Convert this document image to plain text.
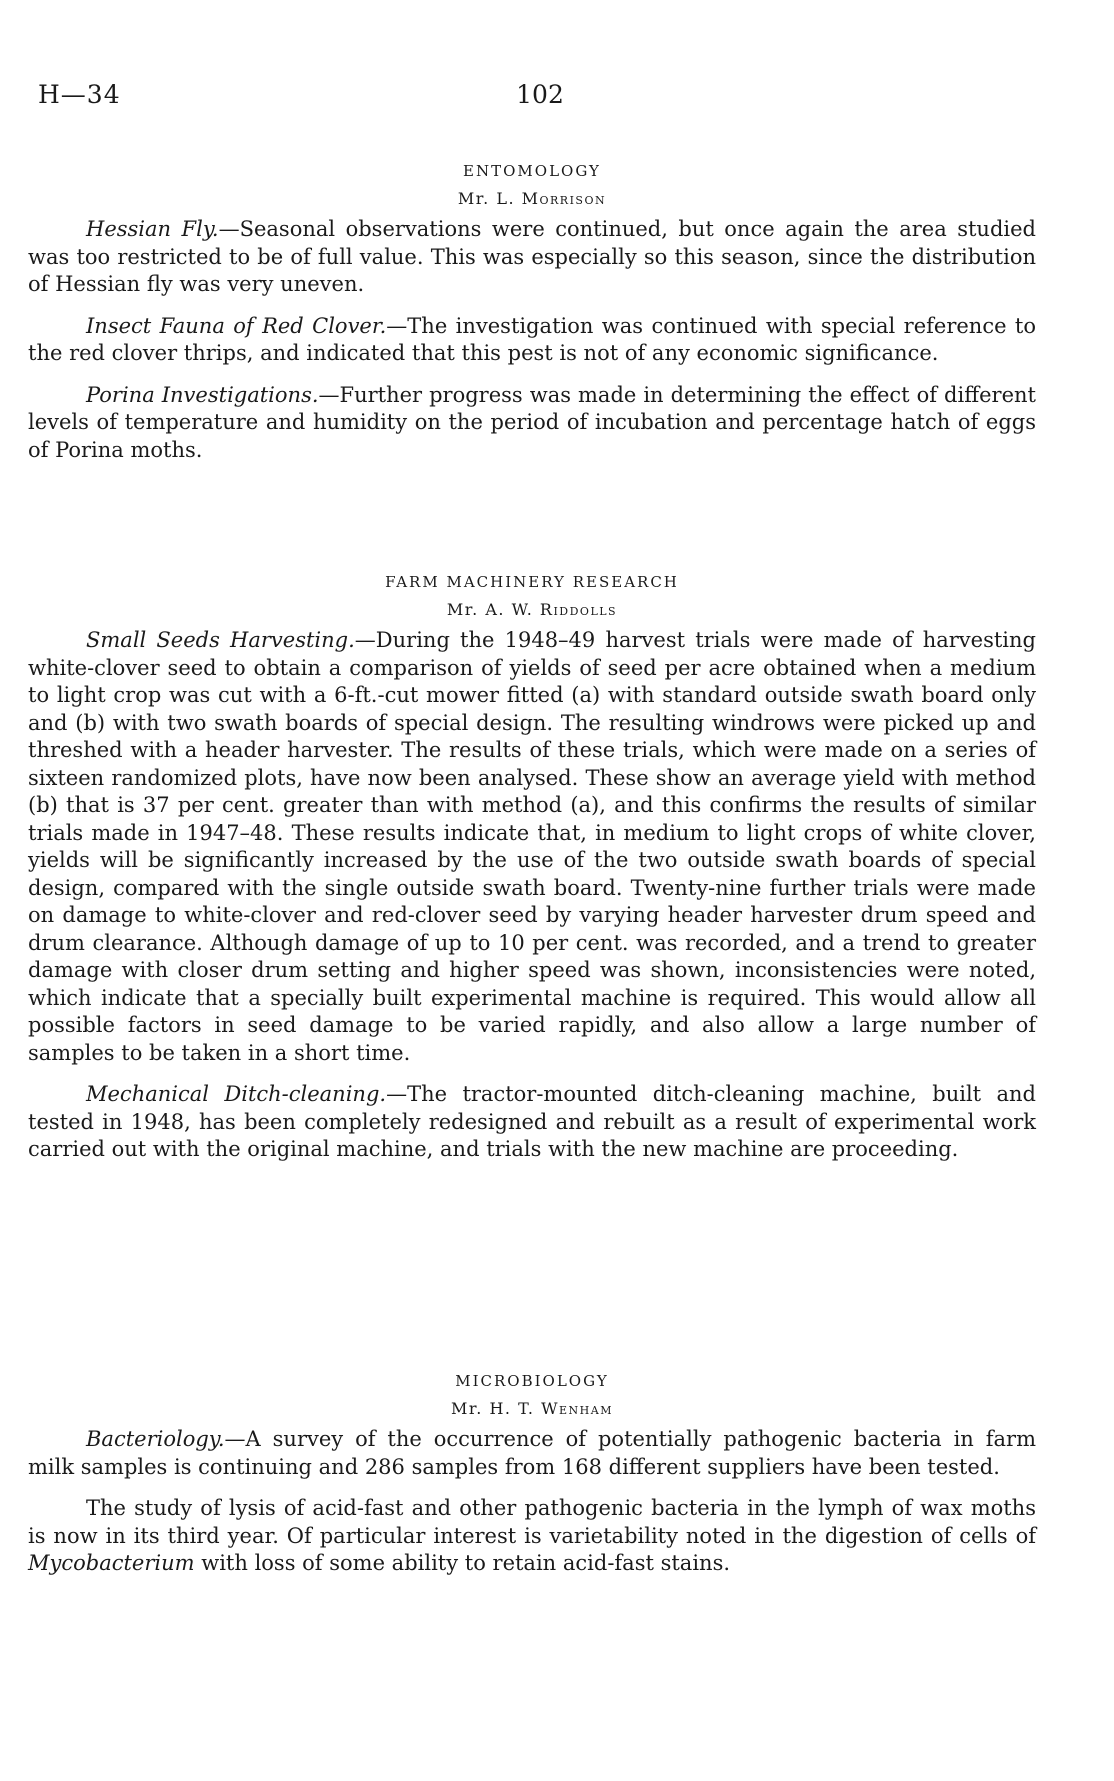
H—34	102
ENTOMOLOGY
Mr. L. Morrison

Hessian Fly.—Seasonal observations were continued, but once again the area studied was too restricted to be of full value. This was especially so this season, since the distribution of Hessian fly was very uneven.

Insect Fauna of Red Clover.—The investigation was continued with special reference to the red clover thrips, and indicated that this pest is not of any economic significance.

Porina Investigations.—Further progress was made in determining the effect of different levels of temperature and humidity on the period of incubation and percentage hatch of eggs of Porina moths.

FARM MACHINERY RESEARCH
Mr. A. W. Riddolls

Small Seeds Harvesting.—During the 1948–49 harvest trials were made of harvesting white-clover seed to obtain a comparison of yields of seed per acre obtained when a medium to light crop was cut with a 6-ft.-cut mower fitted (a) with standard outside swath board only and (b) with two swath boards of special design. The resulting windrows were picked up and threshed with a header harvester. The results of these trials, which were made on a series of sixteen randomized plots, have now been analysed. These show an average yield with method (b) that is 37 per cent. greater than with method (a), and this confirms the results of similar trials made in 1947–48. These results indicate that, in medium to light crops of white clover, yields will be significantly increased by the use of the two outside swath boards of special design, compared with the single outside swath board. Twenty-nine further trials were made on damage to white-clover and red-clover seed by varying header harvester drum speed and drum clearance. Although damage of up to 10 per cent. was recorded, and a trend to greater damage with closer drum setting and higher speed was shown, inconsistencies were noted, which indicate that a specially built experimental machine is required. This would allow all possible factors in seed damage to be varied rapidly, and also allow a large number of samples to be taken in a short time.

Mechanical Ditch-cleaning.—The tractor-mounted ditch-cleaning machine, built and tested in 1948, has been completely redesigned and rebuilt as a result of experimental work carried out with the original machine, and trials with the new machine are proceeding.

MICROBIOLOGY
Mr. H. T. Wenham

Bacteriology.—A survey of the occurrence of potentially pathogenic bacteria in farm milk samples is continuing and 286 samples from 168 different suppliers have been tested.

The study of lysis of acid-fast and other pathogenic bacteria in the lymph of wax moths is now in its third year. Of particular interest is varietability noted in the digestion of cells of Mycobacterium with loss of some ability to retain acid-fast stains.
